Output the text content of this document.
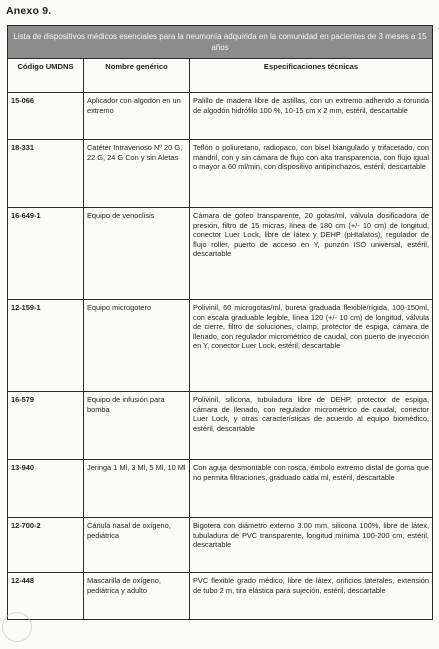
Anexo 9.
Lista de dispositivos médicos esenciales para la neumonía adquirida en la comunidad en pacientes de 3 meses a 15 años		
Código UMDNS	Nombre genérico	Especificaciones técnicas
15-066	Aplicador con algodón en un extremo	Palillo de madera libre de astillas, con un extremo adherido a torunda de algodón hidrófilo 100 %, 10-15 cm x 2 mm, estéril, descartable
18-331	Catéter Intravenoso Nº 20 G, 22 G, 24 G Con y sin Aletas	Teflón o poliuretano, radiopaco, con bisel biangulado y trifacetado, con mandril, con y sin cámara de flujo con alta transparencia, con flujo igual o mayor a 60 ml/min, con dispositivo antipinchazos, estéril, descartable
16-649-1	Equipo de venoclisis	Cámara de goteo transparente, 20 gotas/ml, válvula dosificadora de presión, filtro de 15 micras, línea de 180 cm (+/- 10 cm) de longitud, conector Luer Lock, libre de látex y DEHP (pHtalatos), regulador de flujo roller, puerto de acceso en Y, punzón ISO universal, estéril, descartable
12-159-1	Equipo microgotero	Polivinil, 60 microgotas/ml, bureta graduada flexible/rígida, 100-150ml, con escala graduable legible, línea 120 (+/- 10 cm) de longitud, válvula de cierre, filtro de soluciones, clamp, protector de espiga, cámara de llenado, con regulador micrométrico de caudal, con puerto de inyección en Y, conector Luer Lock, estéril, descartable
16-579	Equipo de infusión para bomba	Polivinil, silicona, tubuladura libre de DEHP, protector de espiga, cámara de llenado, con regulador micrométrico de caudal, conector Luer Lock, y otras características de acuerdo al equipo biomédico, estéril, descartable
13-940	Jeringa 1 Ml, 3 Ml, 5 Ml, 10 Ml	Con aguja desmontable con rosca, émbolo extremo distal de goma que no permita filtraciones, graduado cada ml, estéril, descartable
12-700-2	Cánula nasal de oxígeno, pediátrica	Bigotera con diámetro externo 3.00 mm, silicona 100%, libre de látex, tubuladura de PVC transparente, longitud mínima 100-200 cm, estéril, descartable
12-448	Mascarilla de oxígeno, pediátrica y adulto	PVC flexible grado médico, libre de látex, orificios laterales, extensión de tubo 2 m, tira elástica para sujeción, estéril, descartable
